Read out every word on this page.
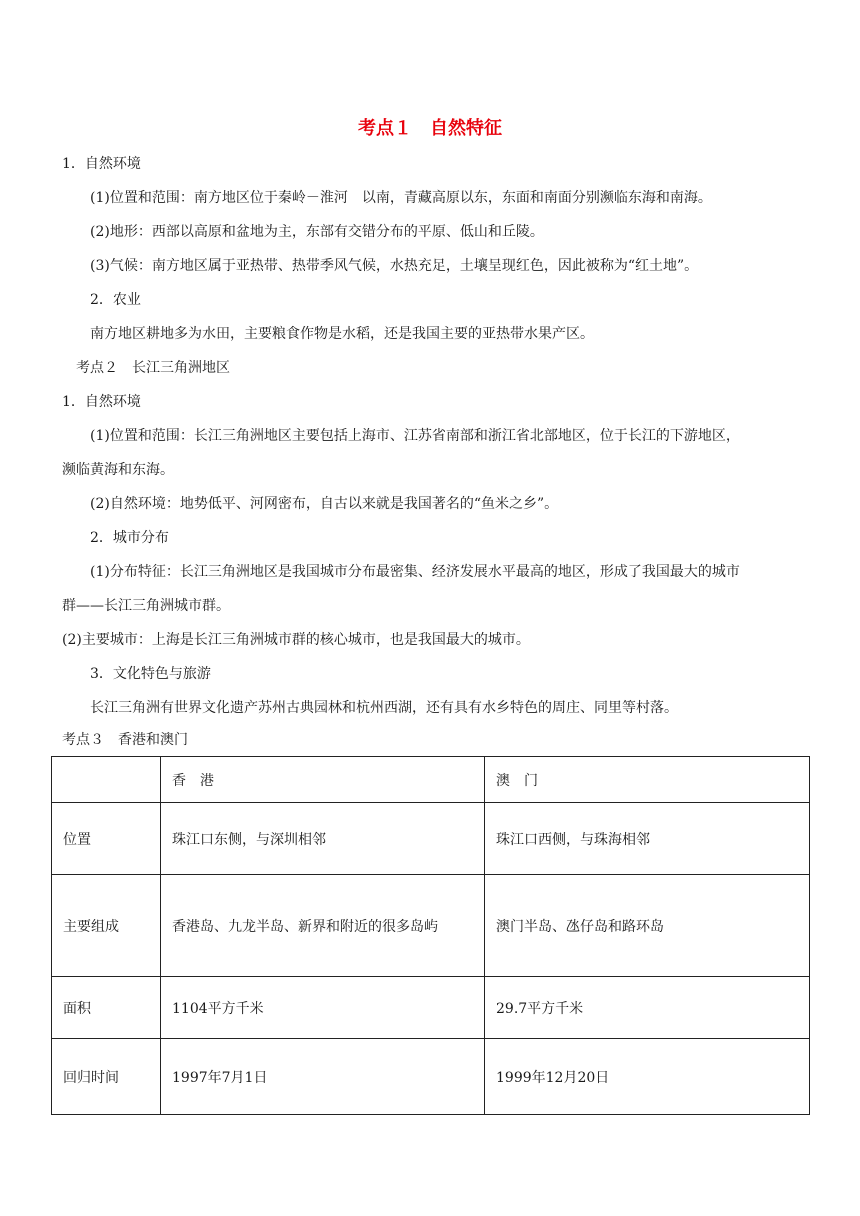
考点１　自然特征
1．自然环境
(1)位置和范围：南方地区位于秦岭－淮河　以南，青藏高原以东，东面和南面分别濒临东海和南海。
(2)地形：西部以高原和盆地为主，东部有交错分布的平原、低山和丘陵。
(3)气候：南方地区属于亚热带、热带季风气候，水热充足，土壤呈现红色，因此被称为“红土地”。
2．农业
南方地区耕地多为水田，主要粮食作物是水稻，还是我国主要的亚热带水果产区。
考点２　长江三角洲地区
1．自然环境
(1)位置和范围：长江三角洲地区主要包括上海市、江苏省南部和浙江省北部地区，位于长江的下游地区，
濒临黄海和东海。
(2)自然环境：地势低平、河网密布，自古以来就是我国著名的“鱼米之乡”。
2．城市分布
(1)分布特征：长江三角洲地区是我国城市分布最密集、经济发展水平最高的地区，形成了我国最大的城市
群——长江三角洲城市群。
(2)主要城市：上海是长江三角洲城市群的核心城市，也是我国最大的城市。
3．文化特色与旅游
长江三角洲有世界文化遗产苏州古典园林和杭州西湖，还有具有水乡特色的周庄、同里等村落。
考点３　香港和澳门
	香　港	澳　门
位置	珠江口东侧，与深圳相邻	珠江口西侧，与珠海相邻
主要组成	香港岛、九龙半岛、新界和附近的很多岛屿	澳门半岛、氹仔岛和路环岛
面积	1104平方千米	29.7平方千米
回归时间	1997年7月1日	1999年12月20日
